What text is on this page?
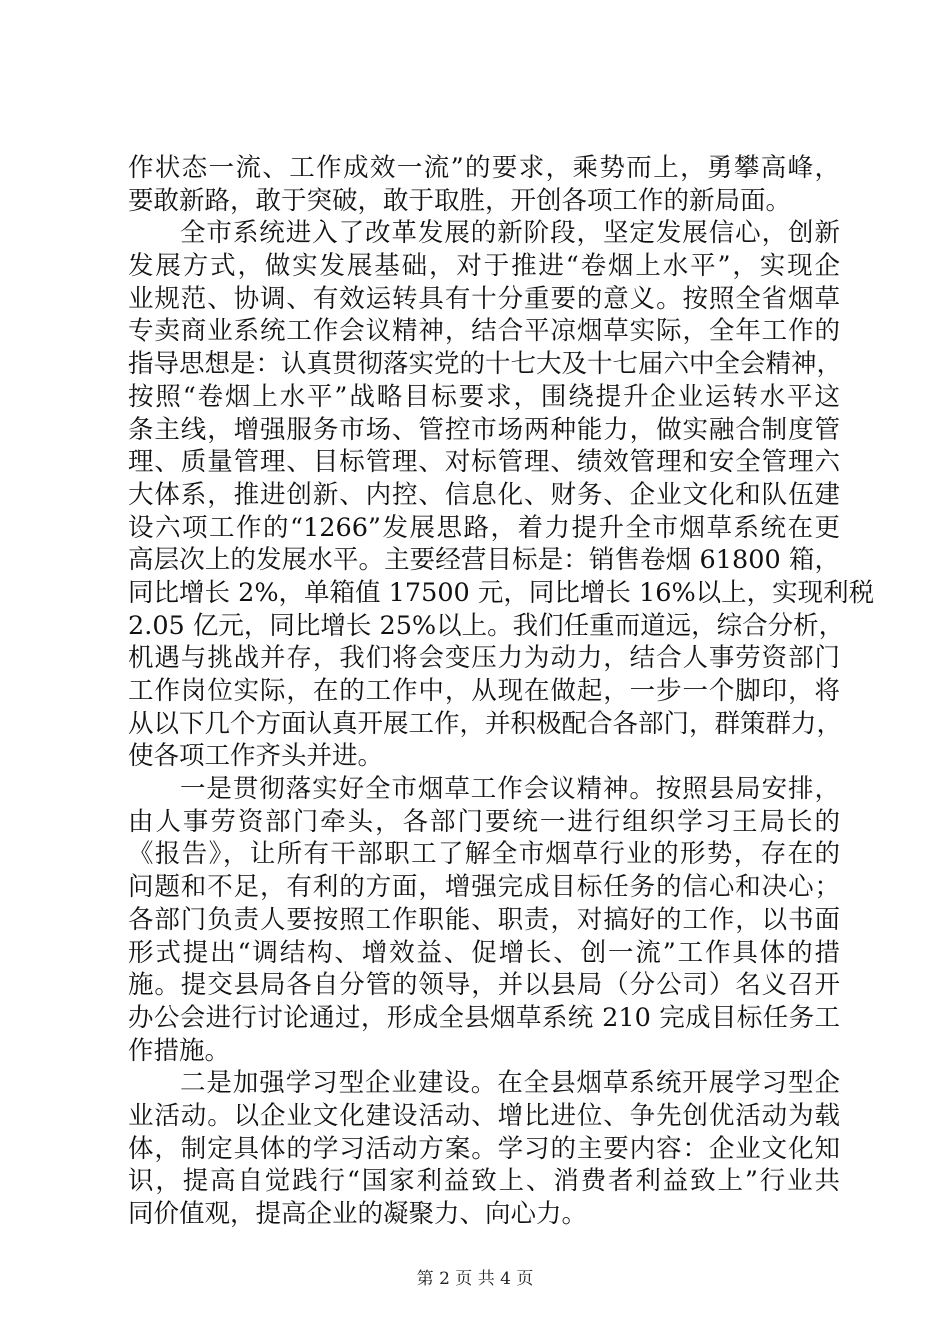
作状态一流、工作成效一流”的要求，乘势而上，勇攀高峰，
要敢新路，敢于突破，敢于取胜，开创各项工作的新局面。
全市系统进入了改革发展的新阶段，坚定发展信心，创新
发展方式，做实发展基础，对于推进“卷烟上水平”，实现企
业规范、协调、有效运转具有十分重要的意义。按照全省烟草
专卖商业系统工作会议精神，结合平凉烟草实际，全年工作的
指导思想是：认真贯彻落实党的十七大及十七届六中全会精神，
按照“卷烟上水平”战略目标要求，围绕提升企业运转水平这
条主线，增强服务市场、管控市场两种能力，做实融合制度管
理、质量管理、目标管理、对标管理、绩效管理和安全管理六
大体系，推进创新、内控、信息化、财务、企业文化和队伍建
设六项工作的“1266”发展思路，着力提升全市烟草系统在更
高层次上的发展水平。主要经营目标是：销售卷烟 61800 箱，
同比增长 2%，单箱值 17500 元，同比增长 16%以上，实现利税
2.05 亿元，同比增长 25%以上。我们任重而道远，综合分析，
机遇与挑战并存，我们将会变压力为动力，结合人事劳资部门
工作岗位实际，在的工作中，从现在做起，一步一个脚印，将
从以下几个方面认真开展工作，并积极配合各部门，群策群力，
使各项工作齐头并进。
一是贯彻落实好全市烟草工作会议精神。按照县局安排，
由人事劳资部门牵头，各部门要统一进行组织学习王局长的
《报告》，让所有干部职工了解全市烟草行业的形势，存在的
问题和不足，有利的方面，增强完成目标任务的信心和决心；
各部门负责人要按照工作职能、职责，对搞好的工作，以书面
形式提出“调结构、增效益、促增长、创一流”工作具体的措
施。提交县局各自分管的领导，并以县局（分公司）名义召开
办公会进行讨论通过，形成全县烟草系统 210 完成目标任务工
作措施。
二是加强学习型企业建设。在全县烟草系统开展学习型企
业活动。以企业文化建设活动、增比进位、争先创优活动为载
体，制定具体的学习活动方案。学习的主要内容：企业文化知
识，提高自觉践行“国家利益致上、消费者利益致上”行业共
同价值观，提高企业的凝聚力、向心力。
第 2 页 共 4 页
